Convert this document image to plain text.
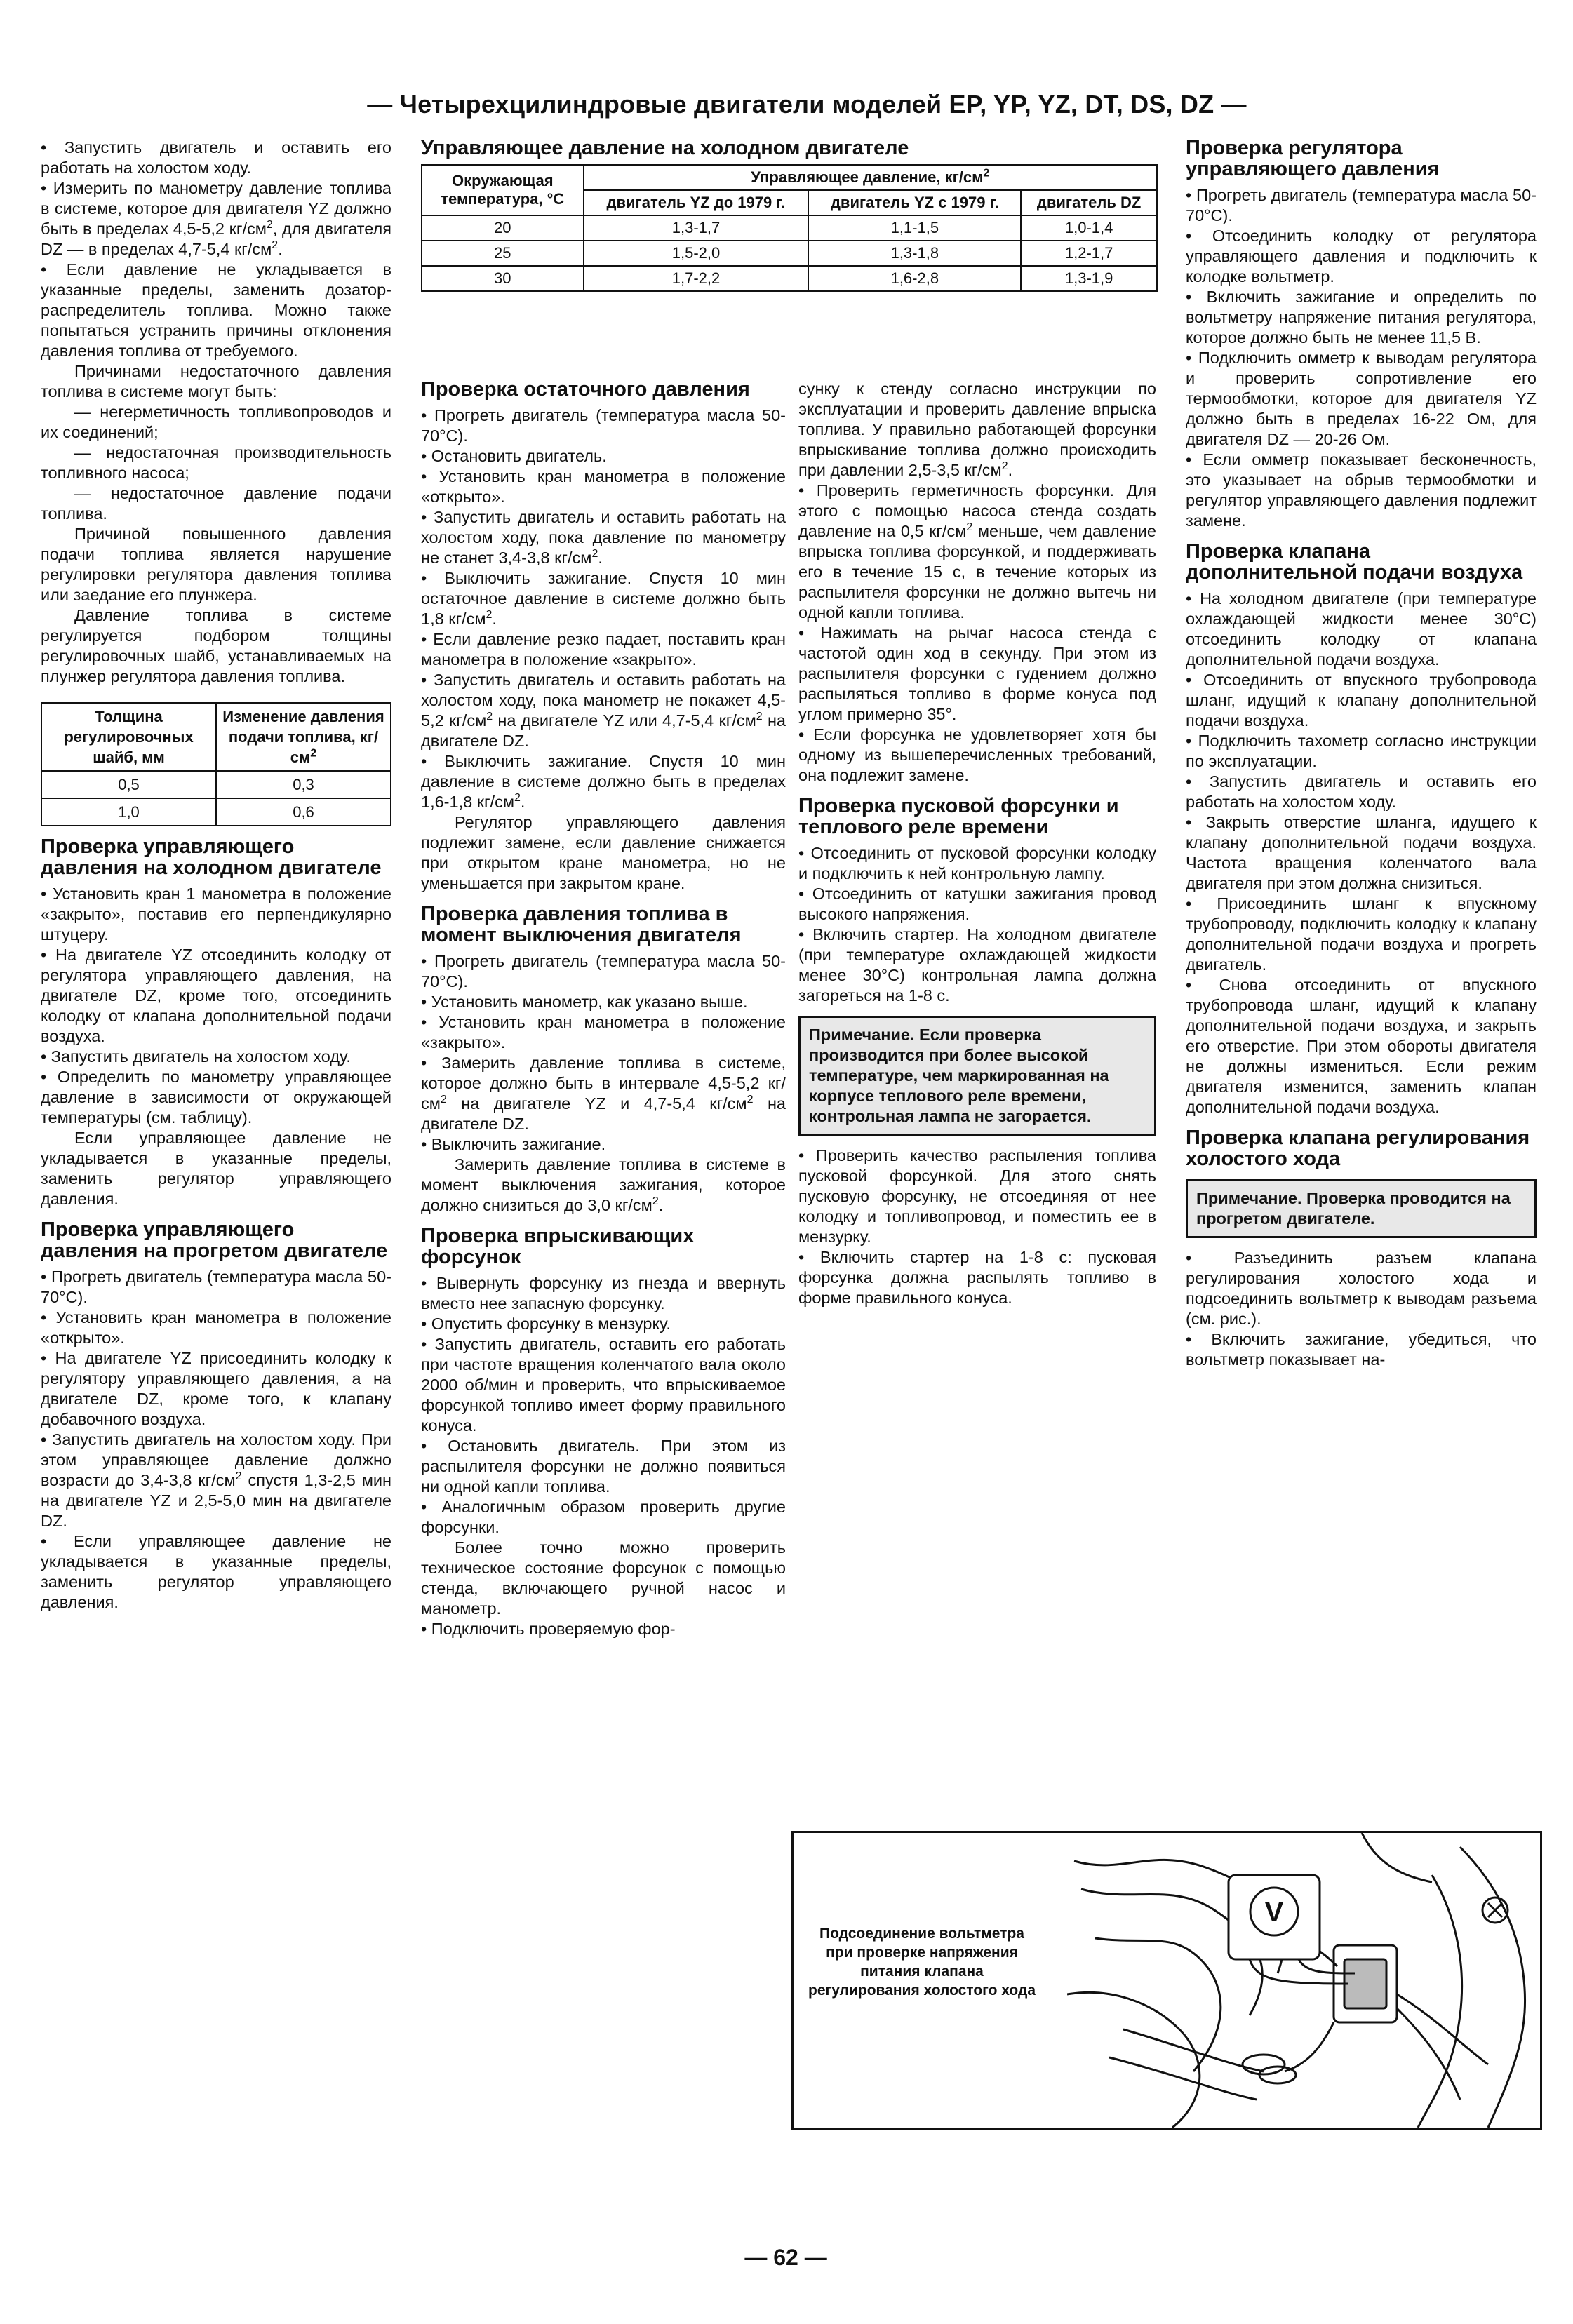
— Четырехцилиндровые двигатели моделей EP, YP, YZ, DT, DS, DZ —

• Запустить двигатель и оставить его работать на холостом ходу.

• Измерить по манометру давление топлива в системе, которое для двигателя YZ должно быть в пределах 4,5-5,2 $кг/см^2$, для двигателя DZ — в пределах 4,7-5,4 $кг/см^2$.

• Если давление не укладывается в указанные пределы, заменить дозатор-распределитель топлива. Можно также попытаться устранить причины отклонения давления топлива от требуемого.

Причинами недостаточного давления топлива в системе могут быть:

— негерметичность топливопроводов и их соединений;

— недостаточная производительность топливного насоса;

— недостаточное давление подачи топлива.

Причиной повышенного давления подачи топлива является нарушение регулировки регулятора давления топлива или заедание его плунжера.

Давление топлива в системе регулируется подбором толщины регулировочных шайб, устанавливаемых на плунжер регулятора давления топлива.

Толщина регулировочных шайб, мм	Изменение давления подачи топлива, $кг/см^2$
0,5	0,3
1,0	0,6
Проверка управляющего давления на холодном двигателе

• Установить кран 1 манометра в положение «закрыто», поставив его перпендикулярно штуцеру.

• На двигателе YZ отсоединить колодку от регулятора управляющего давления, на двигателе DZ, кроме того, отсоединить колодку от клапана дополнительной подачи воздуха.

• Запустить двигатель на холостом ходу.

• Определить по манометру управляющее давление в зависимости от окружающей температуры (см. таблицу).

Если управляющее давление не укладывается в указанные пределы, заменить регулятор управляющего давления.

Проверка управляющего давления на прогретом двигателе

• Прогреть двигатель (температура масла 50-70°С).

• Установить кран манометра в положение «открыто».

• На двигателе YZ присоединить колодку к регулятору управляющего давления, а на двигателе DZ, кроме того, к клапану добавочного воздуха.

• Запустить двигатель на холостом ходу. При этом управляющее давление должно возрасти до 3,4-3,8 $кг/см^2$ спустя 1,3-2,5 мин на двигателе YZ и 2,5-5,0 мин на двигателе DZ.

• Если управляющее давление не укладывается в указанные пределы, заменить регулятор управляющего давления.

Управляющее давление на холодном двигателе
Окружающая температура, °С	Управляющее давление, $кг/см^2$
	двигатель YZ до 1979 г.	двигатель YZ с 1979 г.	двигатель DZ
20	1,3-1,7	1,1-1,5	1,0-1,4
25	1,5-2,0	1,3-1,8	1,2-1,7
30	1,7-2,2	1,6-2,8	1,3-1,9
Проверка остаточного давления

• Прогреть двигатель (температура масла 50-70°С).

• Остановить двигатель.

• Установить кран манометра в положение «открыто».

• Запустить двигатель и оставить работать на холостом ходу, пока давление по манометру не станет 3,4-3,8 $кг/см^2$.

• Выключить зажигание. Спустя 10 мин остаточное давление в системе должно быть 1,8 $кг/см^2$.

• Если давление резко падает, поставить кран манометра в положение «закрыто».

• Запустить двигатель и оставить работать на холостом ходу, пока манометр не покажет 4,5-5,2 $кг/см^2$ на двигателе YZ или 4,7-5,4 $кг/см^2$ на двигателе DZ.

• Выключить зажигание. Спустя 10 мин давление в системе должно быть в пределах 1,6-1,8 $кг/см^2$.

Регулятор управляющего давления подлежит замене, если давление снижается при открытом кране манометра, но не уменьшается при закрытом кране.

Проверка давления топлива в момент выключения двигателя

• Прогреть двигатель (температура масла 50-70°С).

• Установить манометр, как указано выше.

• Установить кран манометра в положение «закрыто».

• Замерить давление топлива в системе, которое должно быть в интервале 4,5-5,2 $кг/см^2$ на двигателе YZ и 4,7-5,4 $кг/см^2$ на двигателе DZ.

• Выключить зажигание.

Замерить давление топлива в системе в момент выключения зажигания, которое должно снизиться до 3,0 $кг/см^2$.

Проверка впрыскивающих форсунок

• Вывернуть форсунку из гнезда и ввернуть вместо нее запасную форсунку.

• Опустить форсунку в мензурку.

• Запустить двигатель, оставить его работать при частоте вращения коленчатого вала около 2000 об/мин и проверить, что впрыскиваемое форсункой топливо имеет форму правильного конуса.

• Остановить двигатель. При этом из распылителя форсунки не должно появиться ни одной капли топлива.

• Аналогичным образом проверить другие форсунки.

Более точно можно проверить техническое состояние форсунок с помощью стенда, включающего ручной насос и манометр.

• Подключить проверяемую фор-

сунку к стенду согласно инструкции по эксплуатации и проверить давление впрыска топлива. У правильно работающей форсунки впрыскивание топлива должно происходить при давлении 2,5-3,5 $кг/см^2$.

• Проверить герметичность форсунки. Для этого с помощью насоса стенда создать давление на 0,5 $кг/см^2$ меньше, чем давление впрыска топлива форсункой, и поддерживать его в течение 15 с, в течение которых из распылителя форсунки не должно вытечь ни одной капли топлива.

• Нажимать на рычаг насоса стенда с частотой один ход в секунду. При этом из распылителя форсунки с гудением должно распыляться топливо в форме конуса под углом примерно 35°.

• Если форсунка не удовлетворяет хотя бы одному из вышеперечисленных требований, она подлежит замене.

Проверка пусковой форсунки и теплового реле времени

• Отсоединить от пусковой форсунки колодку и подключить к ней контрольную лампу.

• Отсоединить от катушки зажигания провод высокого напряжения.

• Включить стартер. На холодном двигателе (при температуре охлаждающей жидкости менее 30°С) контрольная лампа должна загореться на 1-8 с.

Примечание. Если проверка производится при более высокой температуре, чем маркированная на корпусе теплового реле времени, контрольная лампа не загорается.

• Проверить качество распыления топлива пусковой форсункой. Для этого снять пусковую форсунку, не отсоединяя от нее колодку и топливопровод, и поместить ее в мензурку.

• Включить стартер на 1-8 с: пусковая форсунка должна распылять топливо в форме правильного конуса.

Проверка регулятора управляющего давления

• Прогреть двигатель (температура масла 50-70°С).

• Отсоединить колодку от регулятора управляющего давления и подключить к колодке вольтметр.

• Включить зажигание и определить по вольтметру напряжение питания регулятора, которое должно быть не менее 11,5 В.

• Подключить омметр к выводам регулятора и проверить сопротивление его термообмотки, которое для двигателя YZ должно быть в пределах 16-22 Ом, для двигателя DZ — 20-26 Ом.

• Если омметр показывает бесконечность, это указывает на обрыв термообмотки и регулятор управляющего давления подлежит замене.

Проверка клапана дополнительной подачи воздуха

• На холодном двигателе (при температуре охлаждающей жидкости менее 30°С) отсоединить колодку от клапана дополнительной подачи воздуха.

• Отсоединить от впускного трубопровода шланг, идущий к клапану дополнительной подачи воздуха.

• Подключить тахометр согласно инструкции по эксплуатации.

• Запустить двигатель и оставить его работать на холостом ходу.

• Закрыть отверстие шланга, идущего к клапану дополнительной подачи воздуха. Частота вращения коленчатого вала двигателя при этом должна снизиться.

• Присоединить шланг к впускному трубопроводу, подключить колодку к клапану дополнительной подачи воздуха и прогреть двигатель.

• Снова отсоединить от впускного трубопровода шланг, идущий к клапану дополнительной подачи воздуха, и закрыть его отверстие. При этом обороты двигателя не должны измениться. Если режим двигателя изменится, заменить клапан дополнительной подачи воздуха.

Проверка клапана регулирования холостого хода
Примечание. Проверка проводится на прогретом двигателе.

• Разъединить разъем клапана регулирования холостого хода и подсоединить вольтметр к выводам разъема (см. рис.).

• Включить зажигание, убедиться, что вольтметр показывает на-

Подсоединение вольтметра при проверке напряжения питания клапана регулирования холостого хода
V
— 62 —
